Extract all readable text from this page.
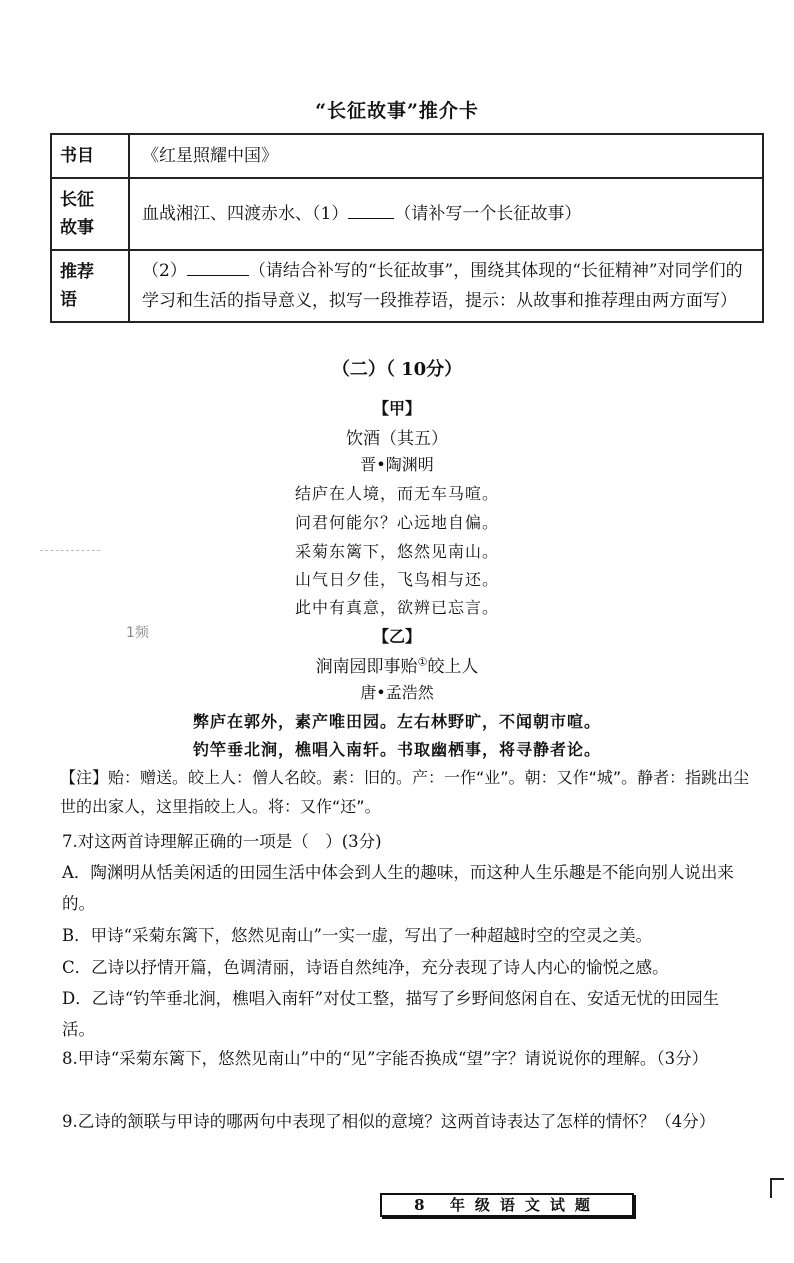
“长征故事”推介卡
书目	《红星照耀中国》
长征故事	血战湘江、四渡赤水、（1） （请补写一个长征故事）
推荐语	（2） （请结合补写的“长征故事”，围绕其体现的“长征精神”对同学们的学习和生活的指导意义，拟写一段推荐语，提示：从故事和推荐理由两方面写）
（二）（ 10分）
【甲】
饮酒（其五）
晋•陶渊明
结庐在人境，而无车马喧。
问君何能尔？心远地自偏。
采菊东篱下，悠然见南山。
山气日夕佳，飞鸟相与还。
此中有真意，欲辨已忘言。
1频	【乙】
涧南园即事贻①皎上人
唐•孟浩然
弊庐在郭外，素产唯田园。左右林野旷，不闻朝市喧。
钓竿垂北涧，樵唱入南轩。书取幽栖事，将寻静者论。
【注】贻：赠送。皎上人：僧人名皎。素：旧的。产：一作“业”。朝：又作“城”。静者：指跳出尘世的出家人，这里指皎上人。将：又作“还”。
7.对这两首诗理解正确的一项是（　）(3分)
A．陶渊明从恬美闲适的田园生活中体会到人生的趣味，而这种人生乐趣是不能向别人说出来的。
B．甲诗“采菊东篱下，悠然见南山”一实一虚，写出了一种超越时空的空灵之美。
C．乙诗以抒情开篇，色调清丽，诗语自然纯净，充分表现了诗人内心的愉悦之感。
D．乙诗“钓竿垂北涧，樵唱入南轩”对仗工整，描写了乡野间悠闲自在、安适无忧的田园生活。
8.甲诗“采菊东篱下，悠然见南山”中的“见”字能否换成“望”字？请说说你的理解。（3分）
9.乙诗的颔联与甲诗的哪两句中表现了相似的意境？这两首诗表达了怎样的情怀？（4分）
8 年级语文试题
